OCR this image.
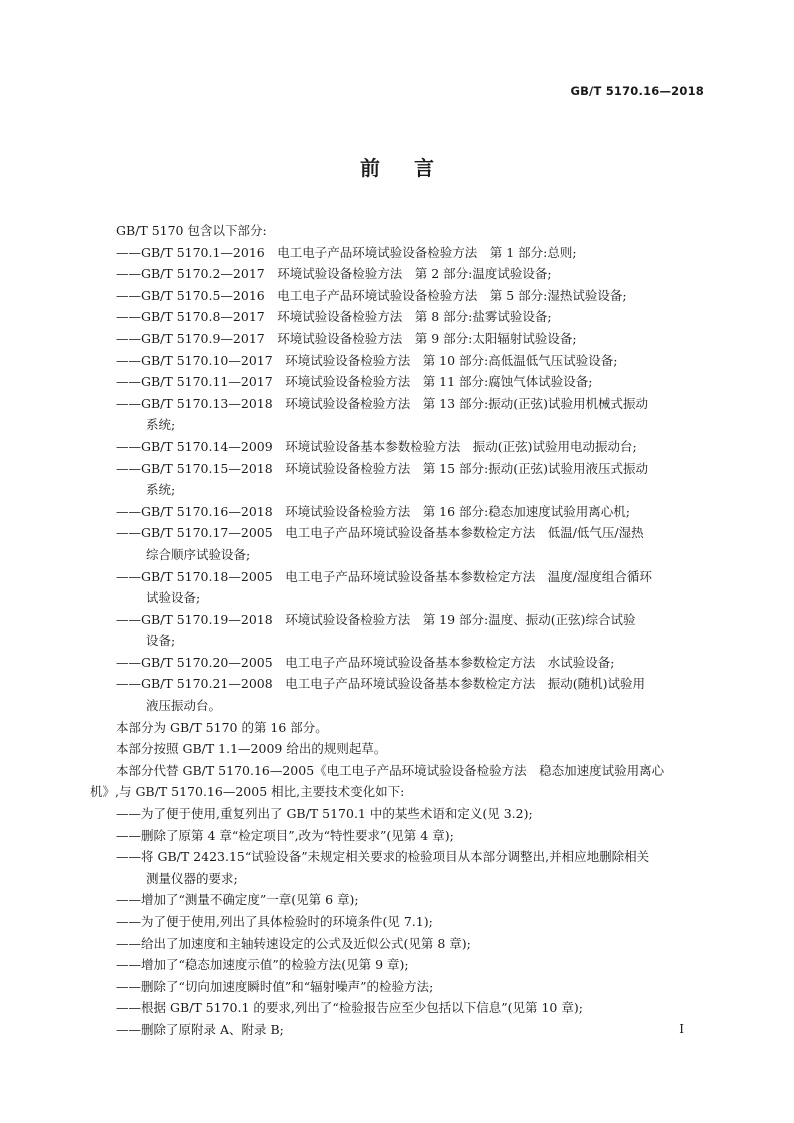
GB/T 5170.16—2018
前言
GB/T 5170 包含以下部分:
——GB/T 5170.1—2016　电工电子产品环境试验设备检验方法　第 1 部分:总则;
——GB/T 5170.2—2017　环境试验设备检验方法　第 2 部分:温度试验设备;
——GB/T 5170.5—2016　电工电子产品环境试验设备检验方法　第 5 部分:湿热试验设备;
——GB/T 5170.8—2017　环境试验设备检验方法　第 8 部分:盐雾试验设备;
——GB/T 5170.9—2017　环境试验设备检验方法　第 9 部分:太阳辐射试验设备;
——GB/T 5170.10—2017　环境试验设备检验方法　第 10 部分:高低温低气压试验设备;
——GB/T 5170.11—2017　环境试验设备检验方法　第 11 部分:腐蚀气体试验设备;
——GB/T 5170.13—2018　环境试验设备检验方法　第 13 部分:振动(正弦)试验用机械式振动
系统;
——GB/T 5170.14—2009　环境试验设备基本参数检验方法　振动(正弦)试验用电动振动台;
——GB/T 5170.15—2018　环境试验设备检验方法　第 15 部分:振动(正弦)试验用液压式振动
系统;
——GB/T 5170.16—2018　环境试验设备检验方法　第 16 部分:稳态加速度试验用离心机;
——GB/T 5170.17—2005　电工电子产品环境试验设备基本参数检定方法　低温/低气压/湿热
综合顺序试验设备;
——GB/T 5170.18—2005　电工电子产品环境试验设备基本参数检定方法　温度/湿度组合循环
试验设备;
——GB/T 5170.19—2018　环境试验设备检验方法　第 19 部分:温度、振动(正弦)综合试验
设备;
——GB/T 5170.20—2005　电工电子产品环境试验设备基本参数检定方法　水试验设备;
——GB/T 5170.21—2008　电工电子产品环境试验设备基本参数检定方法　振动(随机)试验用
液压振动台。
本部分为 GB/T 5170 的第 16 部分。
本部分按照 GB/T 1.1—2009 给出的规则起草。
本部分代替 GB/T 5170.16—2005《电工电子产品环境试验设备检验方法　稳态加速度试验用离心
机》,与 GB/T 5170.16—2005 相比,主要技术变化如下:
——为了便于使用,重复列出了 GB/T 5170.1 中的某些术语和定义(见 3.2);
——删除了原第 4 章“检定项目”,改为“特性要求”(见第 4 章);
——将 GB/T 2423.15“试验设备”未规定相关要求的检验项目从本部分调整出,并相应地删除相关
测量仪器的要求;
——增加了“测量不确定度”一章(见第 6 章);
——为了便于使用,列出了具体检验时的环境条件(见 7.1);
——给出了加速度和主轴转速设定的公式及近似公式(见第 8 章);
——增加了“稳态加速度示值”的检验方法(见第 9 章);
——删除了“切向加速度瞬时值”和“辐射噪声”的检验方法;
——根据 GB/T 5170.1 的要求,列出了“检验报告应至少包括以下信息”(见第 10 章);
——删除了原附录 A、附录 B;	I
